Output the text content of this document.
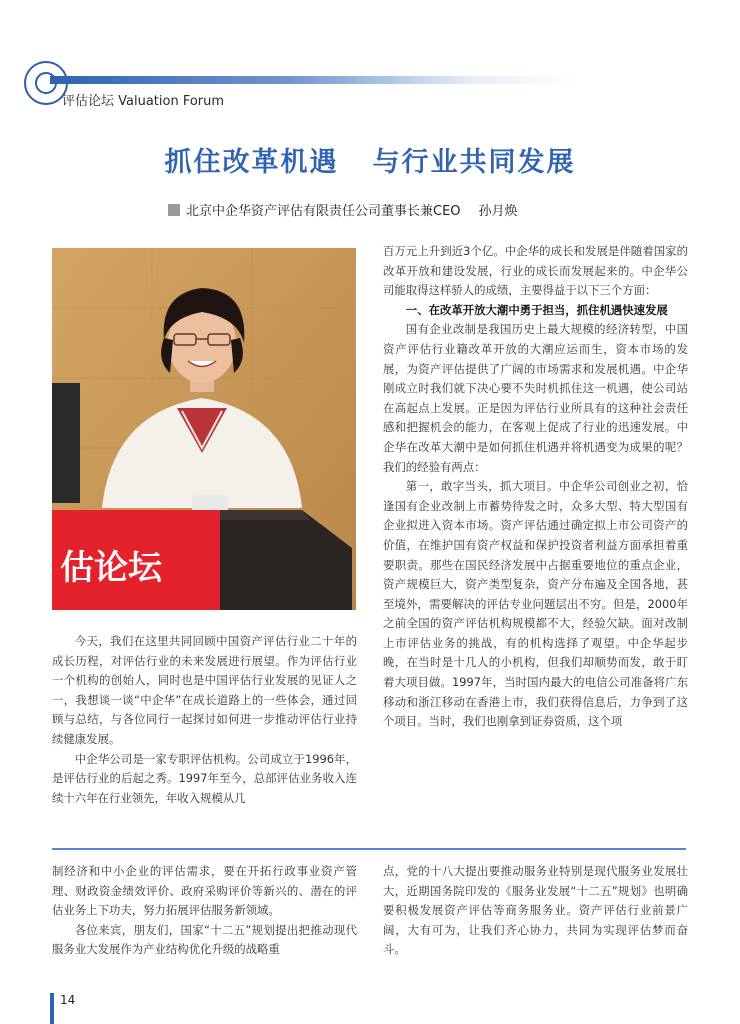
评估论坛 Valuation Forum
抓住改革机遇 与行业共同发展
北京中企华资产评估有限责任公司董事长兼CEO 孙月焕
估论坛

今天，我们在这里共同回顾中国资产评估行业二十年的成长历程，对评估行业的未来发展进行展望。作为评估行业一个机构的创始人，同时也是中国评估行业发展的见证人之一，我想谈一谈“中企华”在成长道路上的一些体会，通过回顾与总结，与各位同行一起探讨如何进一步推动评估行业持续健康发展。

中企华公司是一家专职评估机构。公司成立于1996年，是评估行业的后起之秀。1997年至今，总部评估业务收入连续十六年在行业领先，年收入规模从几

百万元上升到近3个亿。中企华的成长和发展是伴随着国家的改革开放和建设发展，行业的成长而发展起来的。中企华公司能取得这样骄人的成绩，主要得益于以下三个方面：

一、在改革开放大潮中勇于担当，抓住机遇快速发展

国有企业改制是我国历史上最大规模的经济转型，中国资产评估行业籍改革开放的大潮应运而生，资本市场的发展，为资产评估提供了广阔的市场需求和发展机遇。中企华刚成立时我们就下决心要不失时机抓住这一机遇，使公司站在高起点上发展。正是因为评估行业所具有的这种社会责任感和把握机会的能力，在客观上促成了行业的迅速发展。中企华在改革大潮中是如何抓住机遇并将机遇变为成果的呢？我们的经验有两点：

第一，敢字当头，抓大项目。中企华公司创业之初，恰逢国有企业改制上市蓄势待发之时，众多大型、特大型国有企业拟进入资本市场。资产评估通过确定拟上市公司资产的价值，在维护国有资产权益和保护投资者利益方面承担着重要职责。那些在国民经济发展中占据重要地位的重点企业，资产规模巨大，资产类型复杂，资产分布遍及全国各地，甚至境外，需要解决的评估专业问题层出不穷。但是，2000年之前全国的资产评估机构规模都不大，经验欠缺。面对改制上市评估业务的挑战，有的机构选择了观望。中企华起步晚，在当时是十几人的小机构，但我们却顺势而发，敢于盯着大项目做。1997年，当时国内最大的电信公司准备将广东移动和浙江移动在香港上市，我们获得信息后，力争到了这个项目。当时，我们也刚拿到证券资质，这个项

制经济和中小企业的评估需求，要在开拓行政事业资产管理、财政资金绩效评价、政府采购评价等新兴的、潜在的评估业务上下功夫，努力拓展评估服务新领域。

各位来宾，朋友们，国家“十二五”规划提出把推动现代服务业大发展作为产业结构优化升级的战略重

点，党的十八大提出要推动服务业特别是现代服务业发展壮大，近期国务院印发的《服务业发展“十二五”规划》也明确要积极发展资产评估等商务服务业。资产评估行业前景广阔，大有可为，让我们齐心协力，共同为实现评估梦而奋斗。

14
